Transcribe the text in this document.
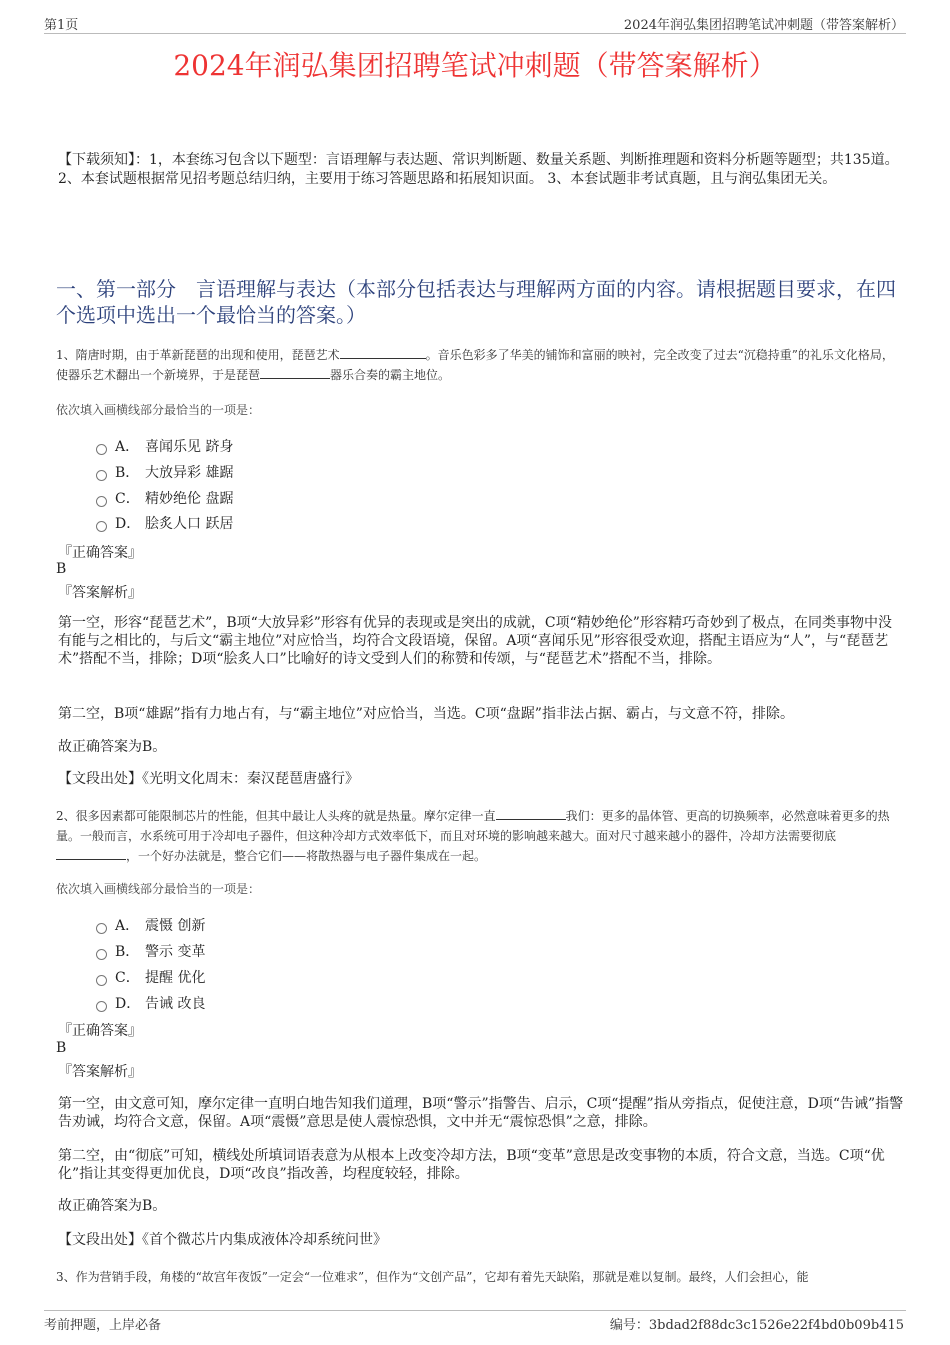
第1页	2024年润弘集团招聘笔试冲刺题（带答案解析）
2024年润弘集团招聘笔试冲刺题（带答案解析）
【下载须知】：1，本套练习包含以下题型：言语理解与表达题、常识判断题、数量关系题、判断推理题和资料分析题等题型；共135道。 2、本套试题根据常见招考题总结归纳，主要用于练习答题思路和拓展知识面。 3、本套试题非考试真题，且与润弘集团无关。
一、第一部分　言语理解与表达（本部分包括表达与理解两方面的内容。请根据题目要求，在四个选项中选出一个最恰当的答案。）
1、隋唐时期，由于革新琵琶的出现和使用，琵琶艺术	。音乐色彩多了华美的铺饰和富丽的映衬，完全改变了过去“沉稳持重”的礼乐文化格局，使器乐艺术翻出一个新境界，于是琵琶	器乐合奏的霸主地位。
依次填入画横线部分最恰当的一项是：
A． 喜闻乐见 跻身
B． 大放异彩 雄踞
C． 精妙绝伦 盘踞
D． 脍炙人口 跃居
『正确答案』
B
『答案解析』
第一空，形容“琵琶艺术”，B项“大放异彩”形容有优异的表现或是突出的成就，C项“精妙绝伦”形容精巧奇妙到了极点，在同类事物中没有能与之相比的，与后文“霸主地位”对应恰当，均符合文段语境，保留。A项“喜闻乐见”形容很受欢迎，搭配主语应为“人”，与“琵琶艺术”搭配不当，排除；D项“脍炙人口”比喻好的诗文受到人们的称赞和传颂，与“琵琶艺术”搭配不当，排除。
第二空，B项“雄踞”指有力地占有，与“霸主地位”对应恰当，当选。C项“盘踞”指非法占据、霸占，与文意不符，排除。
故正确答案为B。
【文段出处】《光明文化周末：秦汉琵琶唐盛行》
2、很多因素都可能限制芯片的性能，但其中最让人头疼的就是热量。摩尔定律一直	我们：更多的晶体管、更高的切换频率，必然意味着更多的热量。一般而言，水系统可用于冷却电子器件，但这种冷却方式效率低下，而且对环境的影响越来越大。面对尺寸越来越小的器件，冷却方法需要彻底，一个好办法就是，整合它们——将散热器与电子器件集成在一起。
依次填入画横线部分最恰当的一项是：
A． 震慑 创新
B． 警示 变革
C． 提醒 优化
D． 告诫 改良
『正确答案』
B
『答案解析』
第一空，由文意可知，摩尔定律一直明白地告知我们道理，B项“警示”指警告、启示，C项“提醒”指从旁指点，促使注意，D项“告诫”指警告劝诫，均符合文意，保留。A项“震慑”意思是使人震惊恐惧，文中并无“震惊恐惧”之意，排除。
第二空，由“彻底”可知，横线处所填词语表意为从根本上改变冷却方法，B项“变革”意思是改变事物的本质，符合文意，当选。C项“优化”指让其变得更加优良，D项“改良”指改善，均程度较轻，排除。
故正确答案为B。
【文段出处】《首个微芯片内集成液体冷却系统问世》
3、作为营销手段，角楼的“故宫年夜饭”一定会“一位难求”，但作为“文创产品”，它却有着先天缺陷，那就是难以复制。最终，人们会担心，能
考前押题，上岸必备	编号：3bdad2f88dc3c1526e22f4bd0b09b415
